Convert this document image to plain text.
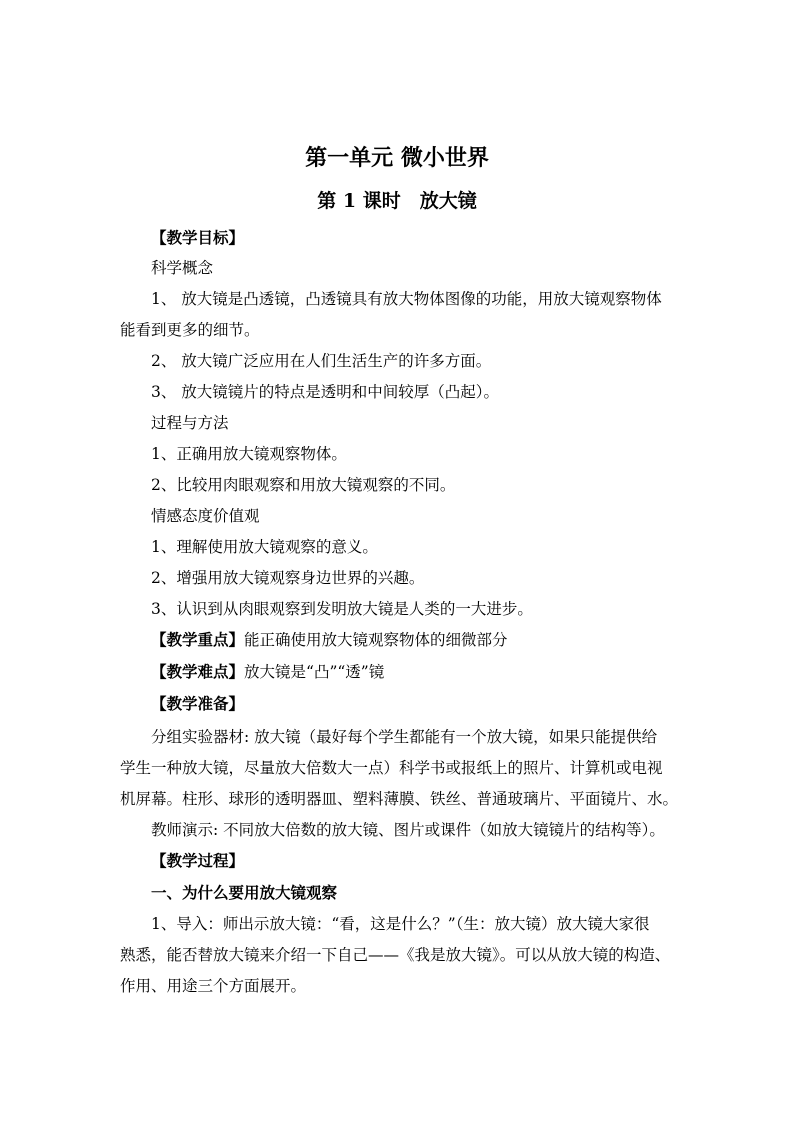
第一单元 微小世界
第 1 课时　放大镜

【教学目标】

科学概念

1、 放大镜是凸透镜，凸透镜具有放大物体图像的功能，用放大镜观察物体

能看到更多的细节。

2、 放大镜广泛应用在人们生活生产的许多方面。

3、 放大镜镜片的特点是透明和中间较厚（凸起）。

过程与方法

1、正确用放大镜观察物体。

2、比较用肉眼观察和用放大镜观察的不同。

情感态度价值观

1、理解使用放大镜观察的意义。

2、增强用放大镜观察身边世界的兴趣。

3、认识到从肉眼观察到发明放大镜是人类的一大进步。

【教学重点】能正确使用放大镜观察物体的细微部分

【教学难点】放大镜是“凸”“透”镜

【教学准备】

分组实验器材: 放大镜（最好每个学生都能有一个放大镜，如果只能提供给

学生一种放大镜，尽量放大倍数大一点）科学书或报纸上的照片、计算机或电视

机屏幕。柱形、球形的透明器皿、塑料薄膜、铁丝、普通玻璃片、平面镜片、水。

教师演示: 不同放大倍数的放大镜、图片或课件（如放大镜镜片的结构等）。

【教学过程】

一、为什么要用放大镜观察

1、导入：师出示放大镜：“看，这是什么？”（生：放大镜）放大镜大家很

熟悉，能否替放大镜来介绍一下自己——《我是放大镜》。可以从放大镜的构造、

作用、用途三个方面展开。
